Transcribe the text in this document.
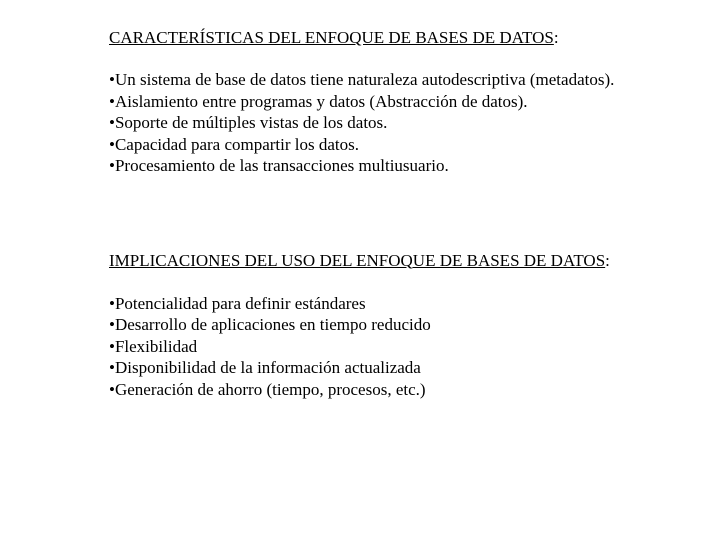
CARACTERÍSTICAS DEL ENFOQUE DE BASES DE DATOS:
•Un sistema de base de datos tiene naturaleza autodescriptiva (metadatos).
•Aislamiento entre programas y datos (Abstracción de datos).
•Soporte de múltiples vistas de los datos.
•Capacidad para compartir los datos.
•Procesamiento de las transacciones multiusuario.
IMPLICACIONES DEL USO DEL ENFOQUE DE BASES DE DATOS:
•Potencialidad para definir estándares
•Desarrollo de aplicaciones en tiempo reducido
•Flexibilidad
•Disponibilidad de la información actualizada
•Generación de ahorro (tiempo, procesos, etc.)
